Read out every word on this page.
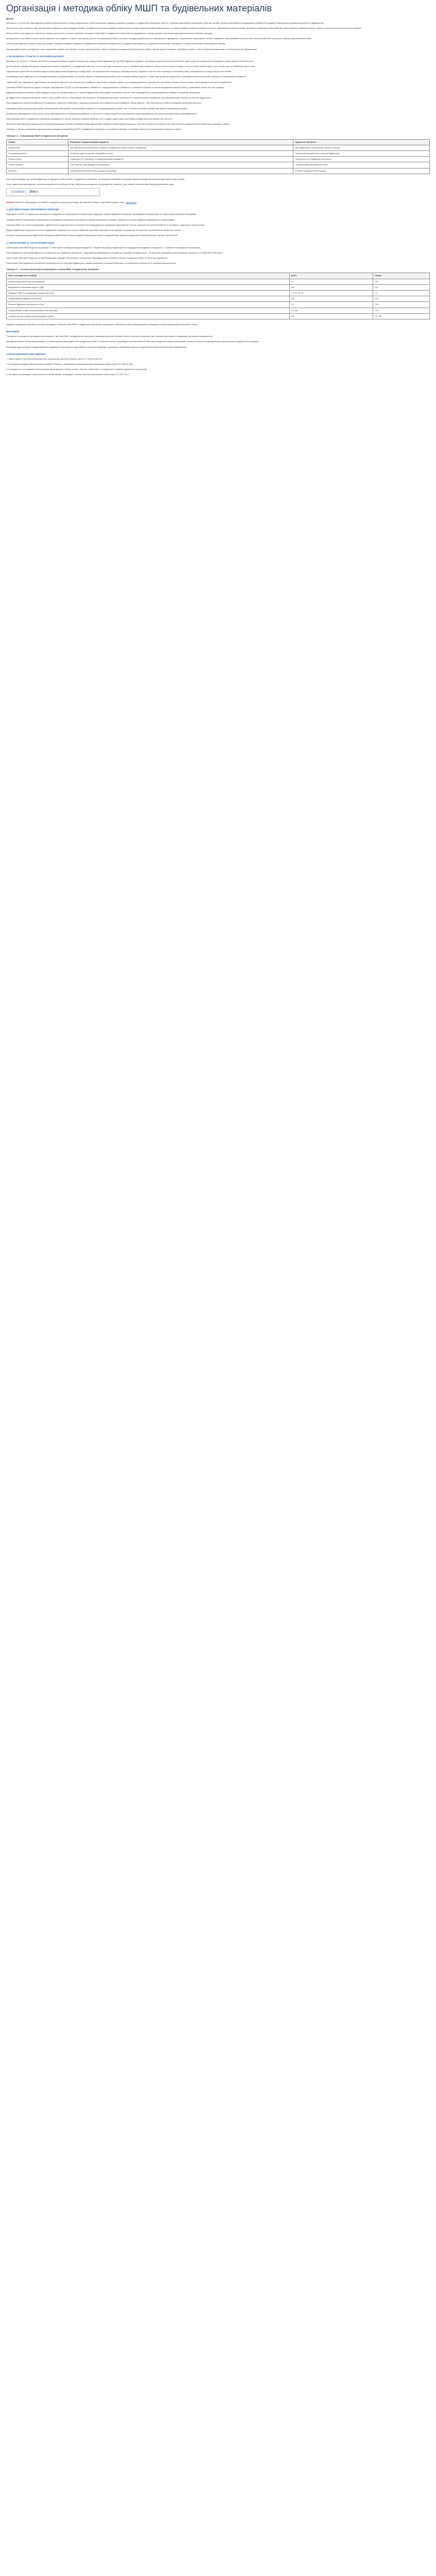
Організація і методика обліку МШП та будівельних матеріалів
ВСТУП

Важливою і в той же час найскладнішою ділянкою бухгалтерського обліку підприємства є облік малоцінних і швидкозношуваних предметів та будівельних матеріалів. Від того, наскільки раціонально організовано облік цих активів, залежить достовірність формування собівартості продукції та фінансових результатів діяльності підприємства.

Актуальність теми полягає в тому, що малоцінні і швидкозношувані предмети (МШП) та будівельні матеріали займають значну частку у складі оборотних активів підприємства, а їх облік потребує постійного контролю за рухом, збереженням і використанням. Правильна організація обліку МШП дає змогу своєчасно виявляти нестачі, лишки та нераціональне використання ресурсів.

Метою роботи є дослідження теоретичних засад та практичних аспектів організації і методики обліку МШП та будівельних матеріалів на підприємстві, а також розробка пропозицій щодо вдосконалення облікових процедур.

Для досягнення поставленої мети в роботі вирішено такі завдання: розкрито економічну сутність та класифікацію МШП; розглянуто порядок документального оформлення надходження, внутрішнього переміщення і вибуття предметів; проаналізовано синтетичний та аналітичний облік; визначено напрями удосконалення обліку.

Об'єктом дослідження є процес обліку малоцінних і швидкозношуваних предметів та будівельних матеріалів на підприємстві. Предметом дослідження є сукупність теоретичних, методичних та практичних питань обліку вказаних активів.

Інформаційною базою дослідження стали нормативно-правові акти України з питань бухгалтерського обліку, положення (стандарти) бухгалтерського обліку, наукові праці вітчизняних і зарубіжних учених, а також первинна документація та облікові регістри підприємства.

1. ЕКОНОМІЧНА СУТНІСТЬ ТА КЛАСИФІКАЦІЯ МШП

Відповідно до П(С)БО 9 «Запаси» малоцінні та швидкозношувані предмети належать до складу запасів підприємства. До МШП відносять предмети, що використовуються протягом не більше одного року або нормального операційного циклу, якщо він більший за рік.

До малоцінних і швидкозношуваних предметів належать: інструменти, господарський інвентар, спеціальний одяг, спеціальне взуття, запобіжні пристосування, тимчасові (нетитульні) споруди, пристрої та інші засоби праці, строк служби яких не перевищує одного року.

Підприємство самостійно встановлює вартісну межу віднесення предметів до складу МШП, яка закріплюється в наказі про облікову політику. Предмети, вартість яких перевищує встановлену межу, обліковуються у складі необоротних активів.

Класифікація МШП здійснюється за різними ознаками: за призначенням, за строком служби, за місцем використання та за способом списання вартості. Такий поділ дозволяє раціонально організувати аналітичний облік і контроль за збереженням предметів.

Оцінка МШП при надходженні здійснюється за первісною вартістю, яка включає ціну придбання, ввізне мито, непрямі податки, що не відшкодовуються, транспортно-заготівельні витрати та інші витрати, безпосередньо пов'язані з придбанням.

При вибутті МШП оцінюються одним із методів, передбачених П(С)БО 9: ідентифікованої собівартості, середньозваженої собівартості, собівартості перших за часом надходження запасів (ФІФО), нормативних затрат або ціни продажу.

Будівельні матеріали являють собою предмети праці, що використовуються в процесі будівництва, реконструкції та ремонту об'єктів. Вони обліковуються у складі виробничих запасів на окремому субрахунку.

До будівельних матеріалів належать: цемент, пісок, щебінь, цегла, лісоматеріали, металопрокат, лакофарбові матеріали, сантехнічне та електротехнічне обладнання, що призначене для монтажу на об'єктах будівництва.

Облік будівельних матеріалів ведеться в натуральних і вартісних показниках. Натуральні показники застосовуються для складського обліку, вартісні – для синтетичного обліку та складання фінансової звітності.

Важливим елементом організації обліку є встановлення норм запасів, які дозволяють уникнути як понаднормативних запасів, так і їх нестачі, що може призвести до зупинки виробничого процесу.

Матеріально відповідальні особи несуть повну відповідальність за збереження довірених їм цінностей, з ними укладаються договори про повну індивідуальну або колективну матеріальну відповідальність.

Інвентаризація МШП та будівельних матеріалів проводиться в строки, визначені наказом керівника, але не рідше одного разу на рік перед складанням річної фінансової звітності.

Результати інвентаризації оформлюються інвентаризаційними описами та порівняльними відомостями. Виявлені лишки оприбутковуються, а нестачі списуються на винних осіб або на витрати підприємства в межах норм природного убутку.

Таблиця 1.1 містить порівняльну характеристику підходів до класифікації МШП та будівельних матеріалів за основними ознаками, що використовуються у практиці бухгалтерського обліку.

Таблиця 1.1 – Класифікація МШП та будівельних матеріалів
Ознака	Малоцінні і швидкозношувані предмети	Будівельні матеріали
Призначення	Для забезпечення виробничого процесу, господарських потреб, захисту працівників	Для будівництва, реконструкції і ремонту об'єктів
Строк використання	Не більше одного року або операційного циклу	Одноразове використання у процесі будівництва
Рахунок обліку	Субрахунок 22 «Малоцінні та швидкозношувані предмети»	Субрахунок 205 «Будівельні матеріали»
Спосіб списання	100% вартості при передачі в експлуатацію	За фактичними витратами на об'єкт
Контроль	Оперативний кількісний облік у місцях експлуатації	Кількісно-сумовий облік на складі

Дані таблиці свідчать про суттєві відмінності в підходах до обліку МШП та будівельних матеріалів, що зумовлює необхідність розробки окремих методичних положень для кожної групи активів.

Отже, правильна класифікація є основою раціональної організації обліку, забезпечує достовірність інформації про наявність і рух запасів та сприяє ефективному управлінню ними.

[ Сховати ] Зміст
wikiWiki Розмістіть свій документ на wikiWiki і отримуйте дохід від переглядів. Допомагайте іншим та заробляйте разом з нами. Детальніше
2. ДОКУМЕНТАЛЬНЕ ОФОРМЛЕННЯ ОПЕРАЦІЙ

Надходження МШП та будівельних матеріалів на підприємство оформлюється прибутковими ордерами, актами приймання матеріалів, накладними постачальників та товарно-транспортними накладними.

Передача МШП в експлуатацію оформлюється накладними на внутрішнє переміщення, відомостями видачі спецодягу, спецвзуття та інших предметів індивідуального користування.

Списання МШП, що стали непридатними, здійснюється на підставі актів на списання, які затверджуються керівником підприємства. В актах зазначаються причини вибуття та можливість подальшого використання.

Відпуск будівельних матеріалів на об'єкти будівництва оформлюється лімітно-забірними картками, вимогами та накладними, що дозволяє контролювати дотримання встановлених лімітів.

Контроль за використанням будівельних матеріалів здійснюється шляхом порівняння фактичних витрат з нормативними, виявлення відхилень та встановлення їх причин і винних осіб.

3. СИНТЕТИЧНИЙ ТА АНАЛІТИЧНИЙ ОБЛІК

Синтетичний облік МШП ведеться на рахунку 22 «Малоцінні та швидкозношувані предмети». За дебетом рахунку відображається надходження предметів, за кредитом – їх вибуття та передача в експлуатацію.

Облік будівельних матеріалів ведеться на субрахунку 205 «Будівельні матеріали». Надходження відображається за дебетом, списання на будівництво – за кредитом субрахунку у кореспонденції з рахунком 15 «Капітальні інвестиції».

Аналітичний облік МШП ведеться за найменуваннями, місцями експлуатації та матеріально відповідальними особами в картках складського обліку та оборотних відомостях.

Аналітичний облік будівельних матеріалів організовується за об'єктами будівництва, видами матеріалів та місцями зберігання, що забезпечує контроль за їх цільовим використанням.

Таблиця 3.1 – Основні бухгалтерські проведення з обліку МШП та будівельних матеріалів
Зміст господарської операції	Дебет	Кредит
Оприбутковано МШП від постачальника	22	631
Відображено податковий кредит з ПДВ	641	631
Передано МШП в експлуатацію (списано вартість)	23, 91, 92, 93	22
Оприбутковано будівельні матеріали	205	631
Списано будівельні матеріали на об'єкт	15	205
Оприбутковано лишки за результатами інвентаризації	22, 205	719
Списано нестачу в межах норм природного убутку	947	22, 205

Наведені проведення охоплюють основні господарські операції з руху МШП та будівельних матеріалів і дозволяють забезпечити повноту відображення інформації в системі рахунків бухгалтерського обліку.

ВИСНОВКИ

У результаті проведеного дослідження встановлено, що облік МШП та будівельних матеріалів є важливою ділянкою облікової роботи, від якості організації якої залежить достовірність інформації про витрати підприємства.

Для удосконалення обліку запропоновано: уточнити вартісну межу віднесення предметів до МШП в обліковій політиці, запровадити автоматизований облік руху предметів у місцях експлуатації, посилити контроль за дотриманням норм витрачання будівельних матеріалів.

Реалізація запропонованих заходів дозволить підвищити оперативність і достовірність облікової інформації, забезпечити збереження майна та раціональне використання ресурсів підприємства.

СПИСОК ВИКОРИСТАНИХ ДЖЕРЕЛ

1. Закон України «Про бухгалтерський облік та фінансову звітність в Україні» від 16.07.1999 № 996-XIV.

2. Положення (стандарт) бухгалтерського обліку 9 «Запаси», затверджене наказом Міністерства фінансів України від 20.10.1999 № 246.

3. Інструкція про застосування Плану рахунків бухгалтерського обліку активів, капіталу, зобов'язань і господарських операцій підприємств і організацій.

4. Методичні рекомендації з бухгалтерського обліку запасів, затверджені наказом Міністерства фінансів України від 10.01.2007 № 2.
